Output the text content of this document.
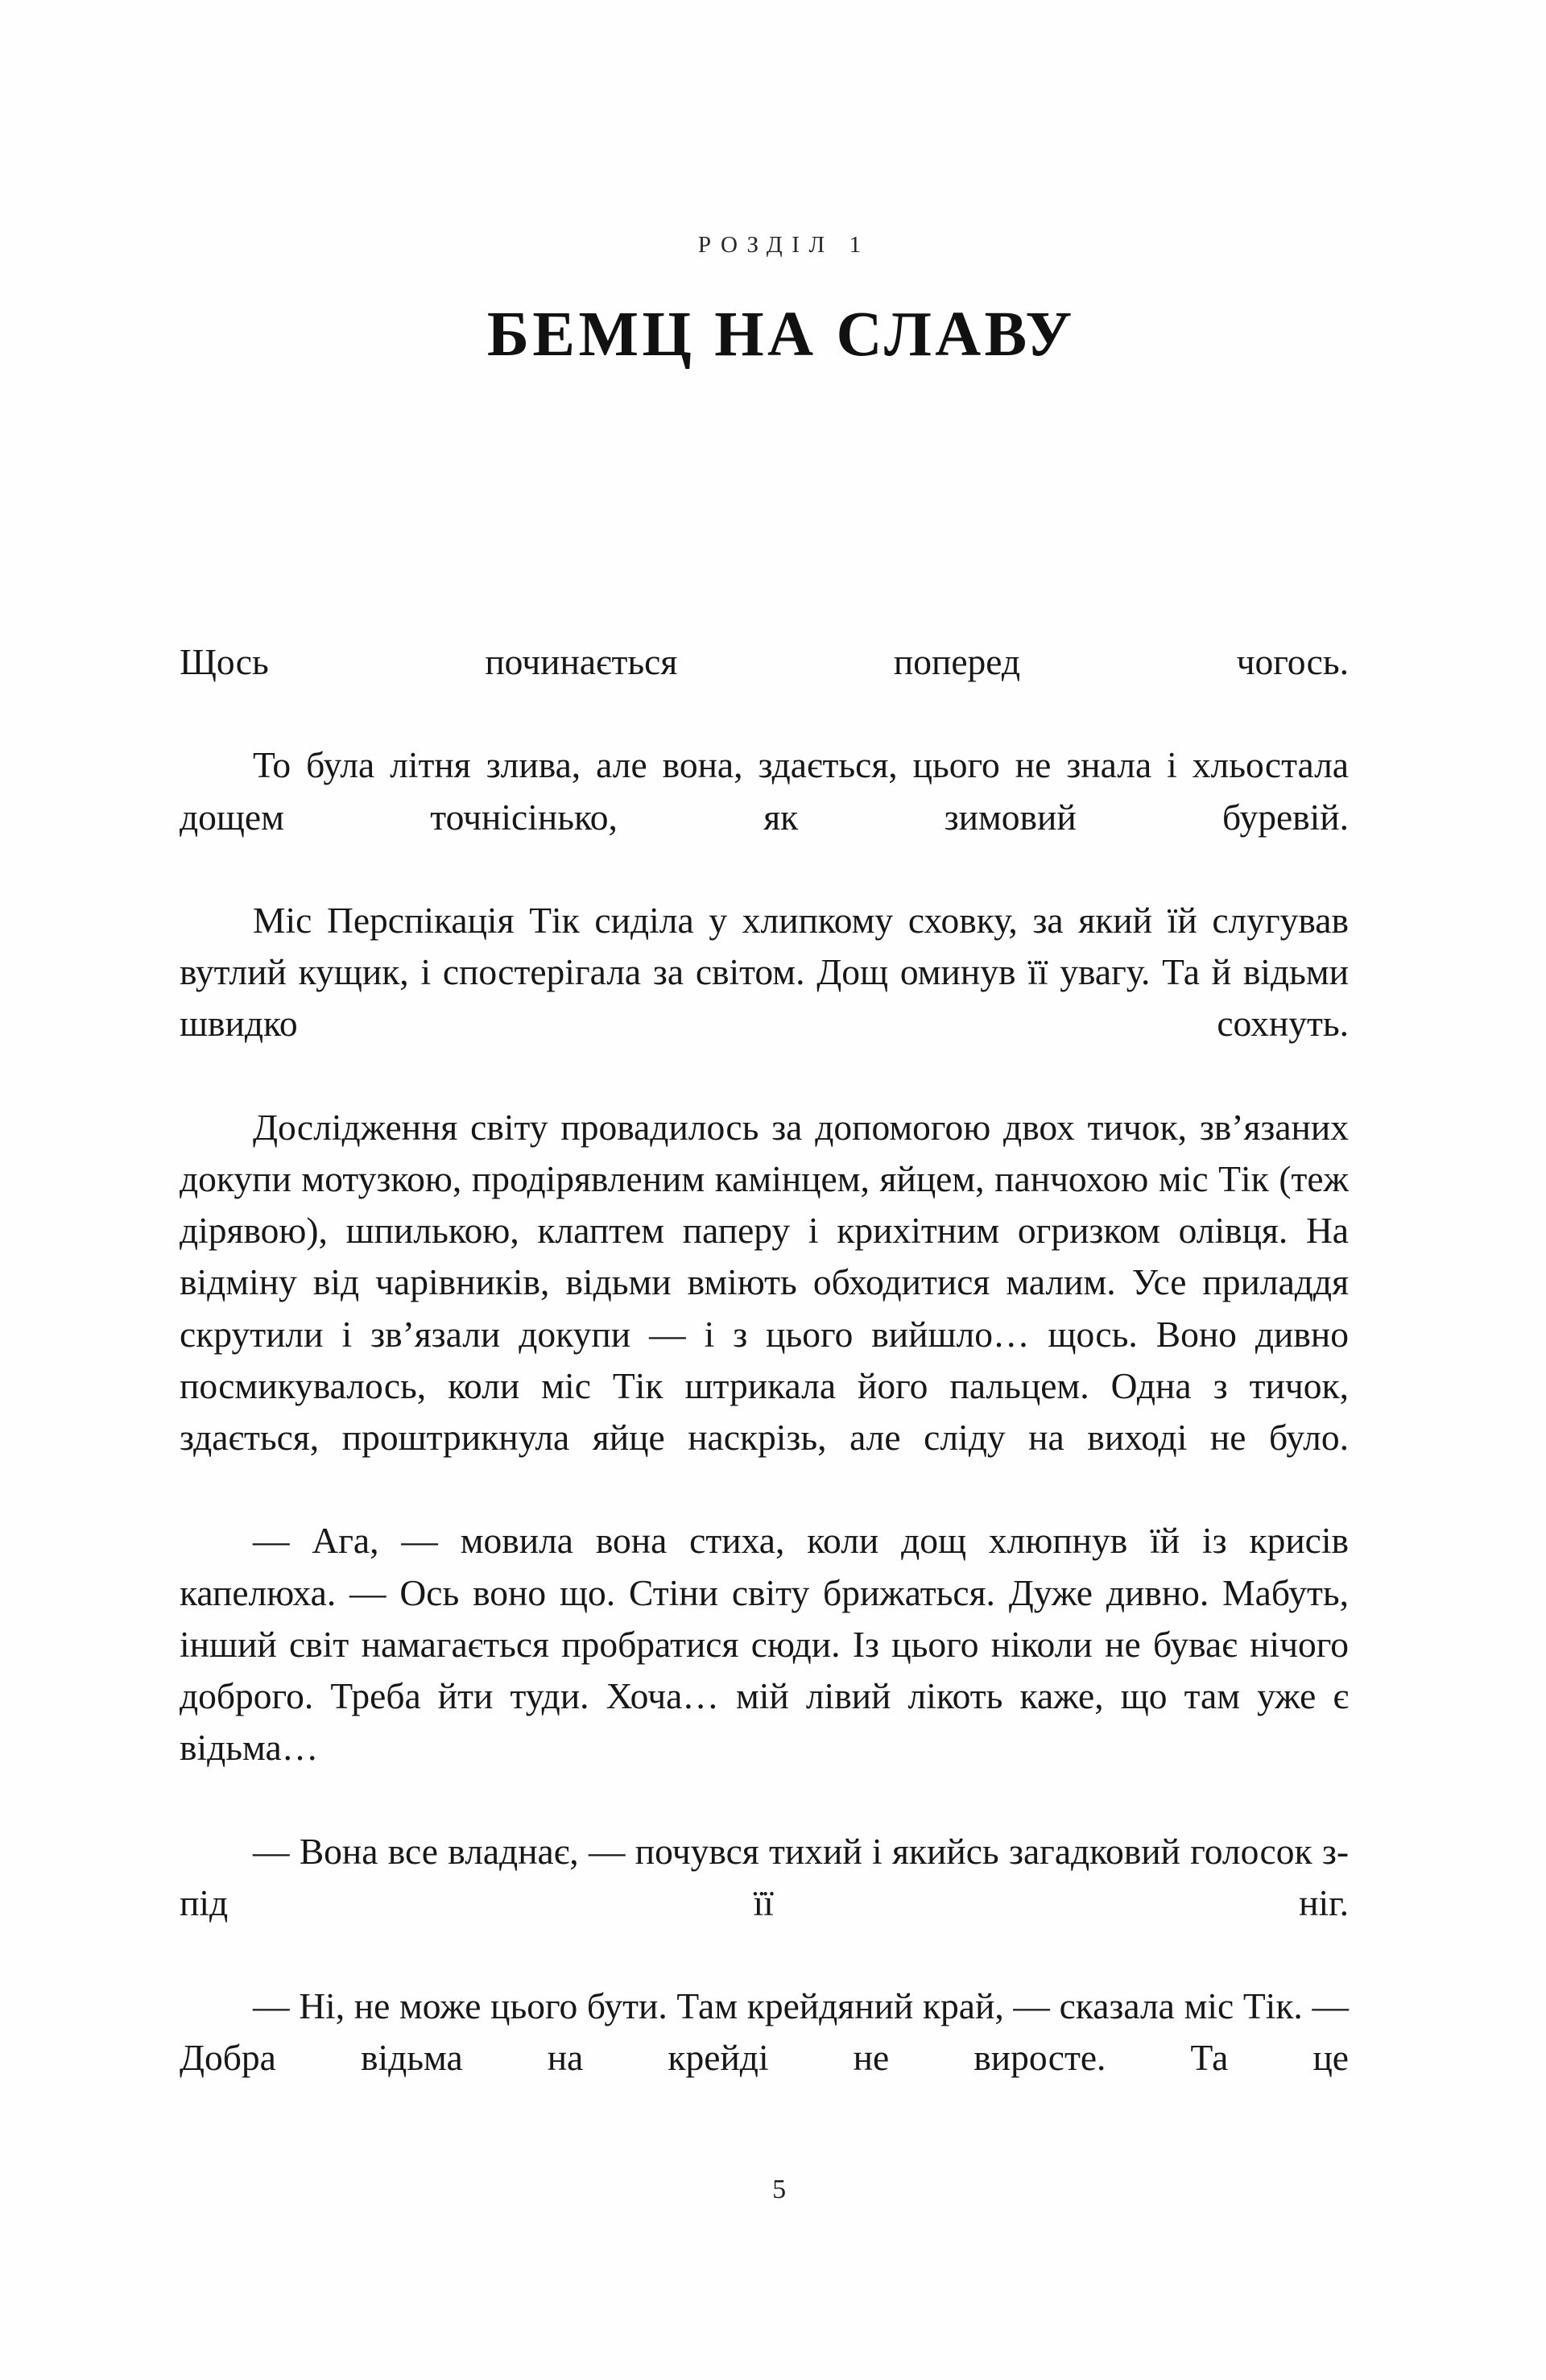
РОЗДІЛ 1
БЕМЦ НА СЛАВУ

Щось починається поперед чогось.

То була літня злива, але вона, здається, цього не знала і хльостала дощем точнісінько, як зимовий буревій.

Міс Перспікація Тік сиділа у хлипкому сховку, за який їй слугував вутлий кущик, і спостерігала за світом. Дощ оминув її увагу. Та й відьми швидко сохнуть.

Дослідження світу провадилось за допомогою двох тичок, зв’язаних докупи мотузкою, продірявленим камінцем, яйцем, панчохою міс Тік (теж дірявою), шпилькою, клаптем паперу і крихітним огризком олівця. На відміну від чарівників, відьми вміють обходитися малим. Усе приладдя скрутили і зв’язали докупи — і з цього вийшло… щось. Воно дивно посмикувалось, коли міс Тік штрикала його пальцем. Одна з тичок, здається, проштрикнула яйце наскрізь, але сліду на виході не було.

— Ага, — мовила вона стиха, коли дощ хлюпнув їй із крисів капелюха. — Ось воно що. Стіни світу брижаться. Дуже дивно. Мабуть, інший світ намагається пробратися сюди. Із цього ніколи не буває нічого доброго. Треба йти туди. Хоча… мій лівий лікоть каже, що там уже є відьма…

— Вона все владнає, — почувся тихий і якийсь загадковий голосок з-під її ніг.

— Ні, не може цього бути. Там крейдяний край, — сказала міс Тік. — Добра відьма на крейді не виросте. Та це

5
